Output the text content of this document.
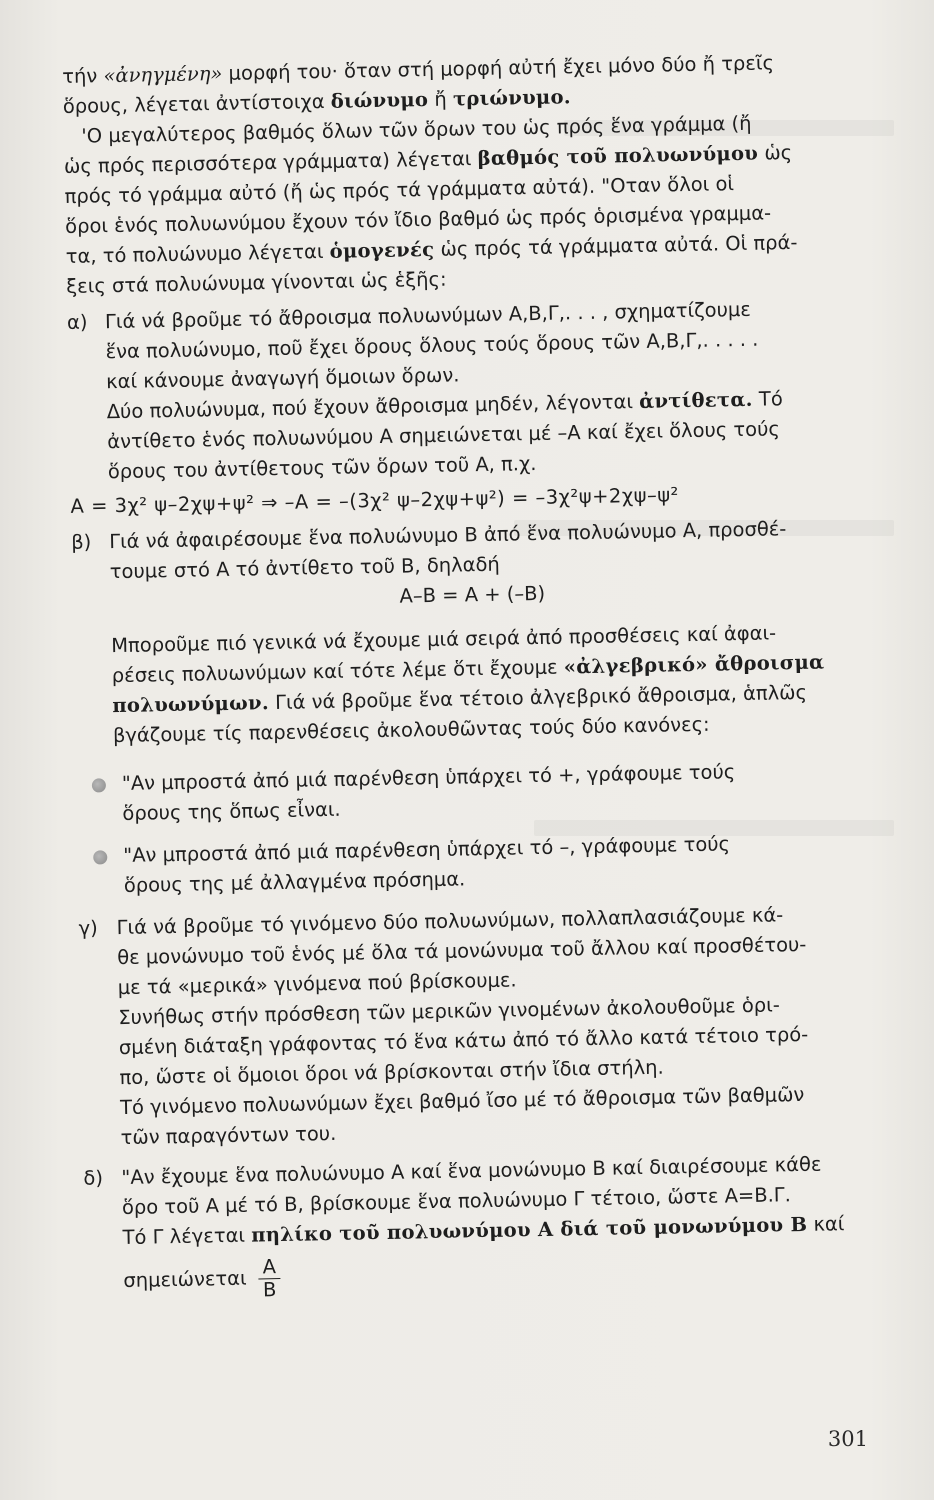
τήν «ἀνηγμένη» μορφή του· ὅταν στή μορφή αὐτή ἔχει μόνο δύο ἤ τρεῖς
ὅρους, λέγεται ἀντίστοιχα διώνυμο ἤ τριώνυμο.
'Ο μεγαλύτερος βαθμός ὅλων τῶν ὅρων του ὡς πρός ἕνα γράμμα (ἤ
ὡς πρός περισσότερα γράμματα) λέγεται βαθμός τοῦ πολυωνύμου ὡς
πρός τό γράμμα αὐτό (ἤ ὡς πρός τά γράμματα αὐτά). "Οταν ὅλοι οἱ
ὅροι ἑνός πολυωνύμου ἔχουν τόν ἴδιο βαθμό ὡς πρός ὁρισμένα γραμμα-
τα, τό πολυώνυμο λέγεται ὁμογενές ὡς πρός τά γράμματα αὐτά. Οἱ πρά-
ξεις στά πολυώνυμα γίνονται ὡς ἑξῆς:
α) Γιά νά βροῦμε τό ἄθροισμα πολυωνύμων Α,Β,Γ,. . . , σχηματίζουμε
ἕνα πολυώνυμο, ποῦ ἔχει ὅρους ὅλους τούς ὅρους τῶν Α,Β,Γ,. . . . .
καί κάνουμε ἀναγωγή ὅμοιων ὅρων.
Δύο πολυώνυμα, πού ἔχουν ἄθροισμα μηδέν, λέγονται ἀντίθετα. Τό
ἀντίθετο ἑνός πολυωνύμου Α σημειώνεται μέ –Α καί ἔχει ὅλους τούς
ὅρους του ἀντίθετους τῶν ὅρων τοῦ Α, π.χ.
Α = 3χ² ψ–2χψ+ψ² ⇒ –Α = –(3χ² ψ–2χψ+ψ²) = –3χ²ψ+2χψ–ψ²
β) Γιά νά ἀφαιρέσουμε ἕνα πολυώνυμο Β ἀπό ἕνα πολυώνυμο Α, προσθέ-
τουμε στό Α τό ἀντίθετο τοῦ Β, δηλαδή
Α–Β = Α + (–Β)
Μποροῦμε πιό γενικά νά ἔχουμε μιά σειρά ἀπό προσθέσεις καί ἀφαι-
ρέσεις πολυωνύμων καί τότε λέμε ὅτι ἔχουμε «ἀλγεβρικό» ἄθροισμα
πολυωνύμων. Γιά νά βροῦμε ἕνα τέτοιο ἀλγεβρικό ἄθροισμα, ἁπλῶς
βγάζουμε τίς παρενθέσεις ἀκολουθῶντας τούς δύο κανόνες:
"Αν μπροστά ἀπό μιά παρένθεση ὑπάρχει τό +, γράφουμε τούς
ὅρους της ὅπως εἶναι.
"Αν μπροστά ἀπό μιά παρένθεση ὑπάρχει τό –, γράφουμε τούς
ὅρους της μέ ἀλλαγμένα πρόσημα.
γ) Γιά νά βροῦμε τό γινόμενο δύο πολυωνύμων, πολλαπλασιάζουμε κά-
θε μονώνυμο τοῦ ἑνός μέ ὅλα τά μονώνυμα τοῦ ἄλλου καί προσθέτου-
με τά «μερικά» γινόμενα πού βρίσκουμε.
Συνήθως στήν πρόσθεση τῶν μερικῶν γινομένων ἀκολουθοῦμε ὁρι-
σμένη διάταξη γράφοντας τό ἕνα κάτω ἀπό τό ἄλλο κατά τέτοιο τρό-
πο, ὥστε οἱ ὅμοιοι ὅροι νά βρίσκονται στήν ἴδια στήλη.
Τό γινόμενο πολυωνύμων ἔχει βαθμό ἴσο μέ τό ἄθροισμα τῶν βαθμῶν
τῶν παραγόντων του.
δ) "Αν ἔχουμε ἕνα πολυώνυμο Α καί ἕνα μονώνυμο Β καί διαιρέσουμε κάθε
ὅρο τοῦ Α μέ τό Β, βρίσκουμε ἕνα πολυώνυμο Γ τέτοιο, ὥστε Α=Β.Γ.
Τό Γ λέγεται πηλίκο τοῦ πολυωνύμου Α διά τοῦ μονωνύμου Β καί
σημειώνεται $\frac{A}{B}$
301
